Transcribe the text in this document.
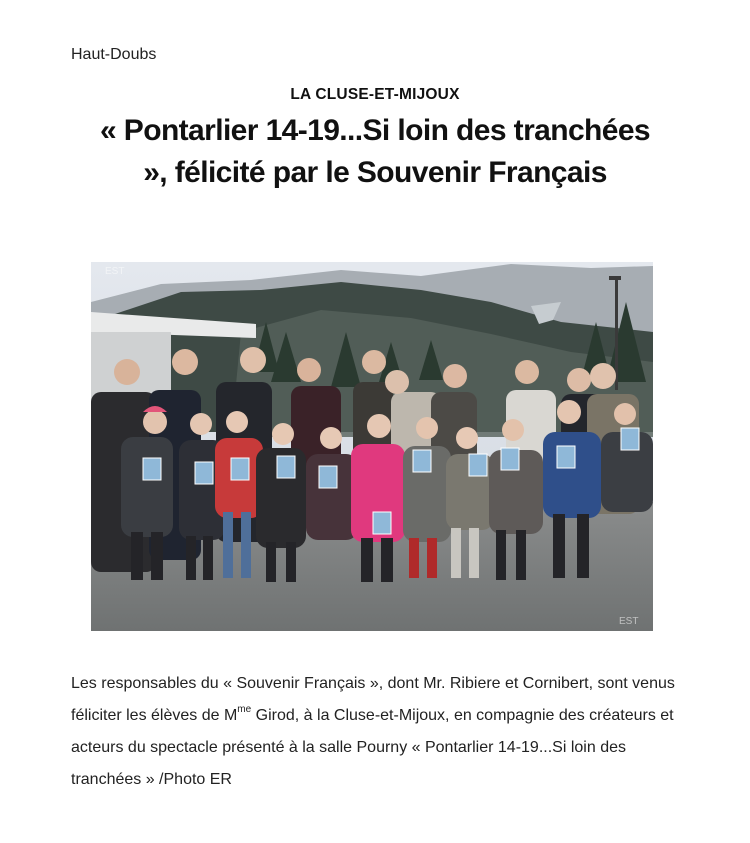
Haut-Doubs
LA CLUSE-ET-MIJOUX
« Pontarlier 14-19...Si loin des tranchées », félicité par le Souvenir Français
EST
EST

Les responsables du « Souvenir Français », dont Mr. Ribiere et Cornibert, sont venus féliciter les élèves de $M^{me}$ Girod, à la Cluse-et-Mijoux, en compagnie des créateurs et acteurs du spectacle présenté à la salle Pourny « Pontarlier 14-19...Si loin des tranchées » /Photo ER
